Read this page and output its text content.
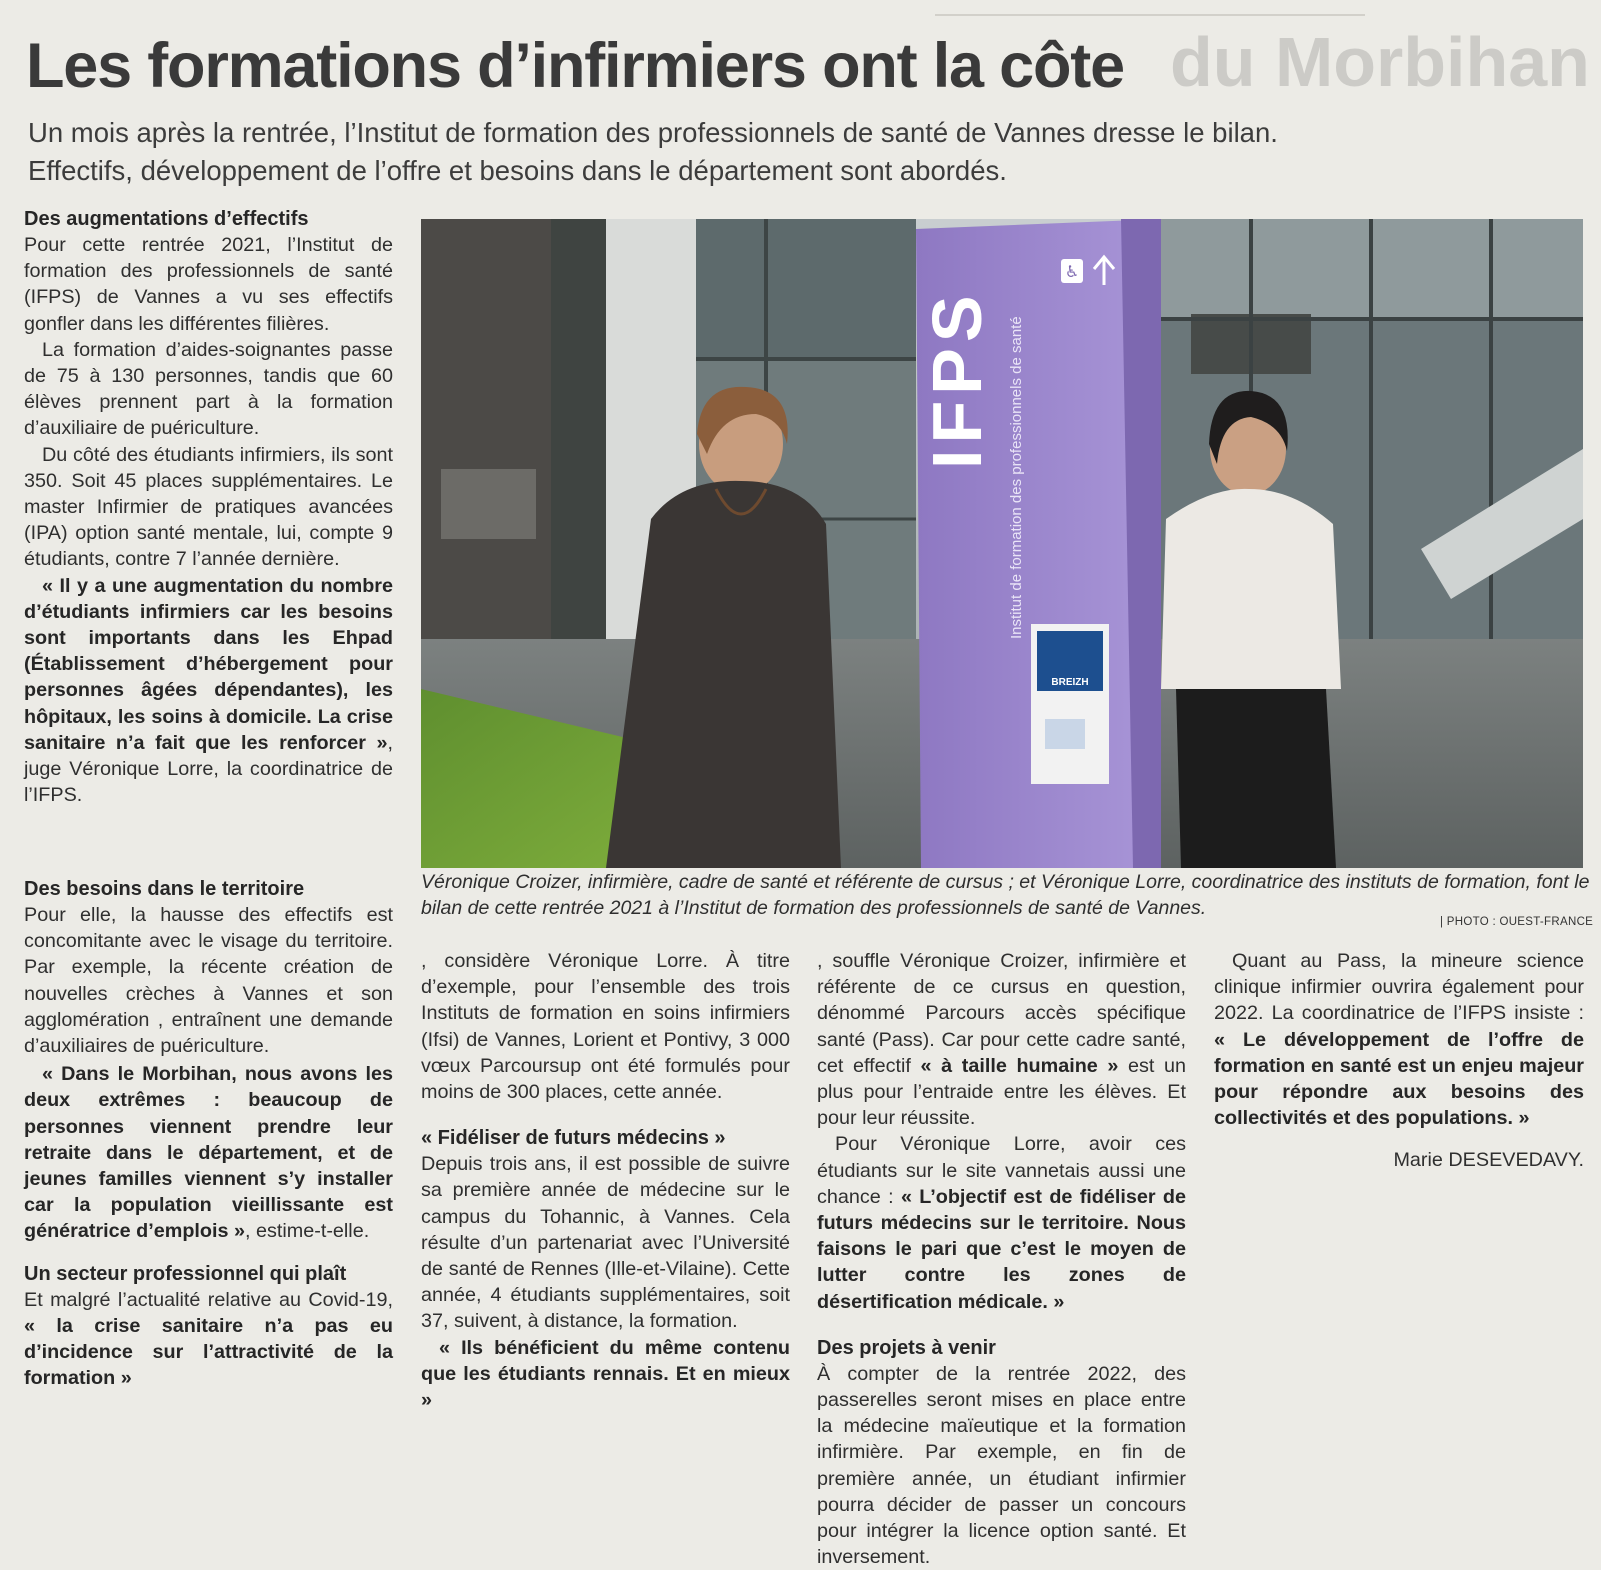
du Morbihan
Les formations d’infirmiers ont la côte

Un mois après la rentrée, l’Institut de formation des professionnels de santé de Vannes dresse le bilan. Effectifs, développement de l’offre et besoins dans le département sont abordés.

Des augmentations d’effectifs

Pour cette rentrée 2021, l’Institut de formation des professionnels de santé (IFPS) de Vannes a vu ses effectifs gonfler dans les différentes filières.

La formation d’aides-soignantes passe de 75 à 130 personnes, tandis que 60 élèves prennent part à la formation d’auxiliaire de puériculture.

Du côté des étudiants infirmiers, ils sont 350. Soit 45 places supplémentaires. Le master Infirmier de pratiques avancées (IPA) option santé mentale, lui, compte 9 étudiants, contre 7 l’année dernière.

« Il y a une augmentation du nombre d’étudiants infirmiers car les besoins sont importants dans les Ehpad (Établissement d’hébergement pour personnes âgées dépendantes), les hôpitaux, les soins à domicile. La crise sanitaire n’a fait que les renforcer », juge Véronique Lorre, la coordinatrice de l’IFPS.

Des besoins dans le territoire

Pour elle, la hausse des effectifs est concomitante avec le visage du territoire. Par exemple, la récente création de nouvelles crèches à Vannes et son agglomération , entraînent une demande d’auxiliaires de puériculture.

« Dans le Morbihan, nous avons les deux extrêmes : beaucoup de personnes viennent prendre leur retraite dans le département, et de jeunes familles viennent s’y installer car la population vieillissante est génératrice d’emplois », estime-t-elle.

Un secteur professionnel qui plaît

Et malgré l’actualité relative au Covid-19, « la crise sanitaire n’a pas eu d’incidence sur l’attractivité de la formation »

, considère Véronique Lorre. À titre d’exemple, pour l’ensemble des trois Instituts de formation en soins infirmiers (Ifsi) de Vannes, Lorient et Pontivy, 3 000 vœux Parcoursup ont été formulés pour moins de 300 places, cette année.

« Fidéliser de futurs médecins »

Depuis trois ans, il est possible de suivre sa première année de médecine sur le campus du Tohannic, à Vannes. Cela résulte d’un partenariat avec l’Université de santé de Rennes (Ille-et-Vilaine). Cette année, 4 étudiants supplémentaires, soit 37, suivent, à distance, la formation.

« Ils bénéficient du même contenu que les étudiants rennais. Et en mieux »

, souffle Véronique Croizer, infirmière et référente de ce cursus en question, dénommé Parcours accès spécifique santé (Pass). Car pour cette cadre santé, cet effectif « à taille humaine » est un plus pour l’entraide entre les élèves. Et pour leur réussite.

Pour Véronique Lorre, avoir ces étudiants sur le site vannetais aussi une chance : « L’objectif est de fidéliser de futurs médecins sur le territoire. Nous faisons le pari que c’est le moyen de lutter contre les zones de désertification médicale. »

Des projets à venir

À compter de la rentrée 2022, des passerelles seront mises en place entre la médecine maïeutique et la formation infirmière. Par exemple, en fin de première année, un étudiant infirmier pourra décider de passer un concours pour intégrer la licence option santé. Et inversement.

Quant au Pass, la mineure science clinique infirmier ouvrira également pour 2022. La coordinatrice de l’IFPS insiste : « Le développement de l’offre de formation en santé est un enjeu majeur pour répondre aux besoins des collectivités et des populations. »

Marie DESEVEDAVY.

IFPS Institut de formation des professionnels de santé
♿
BREIZH

Véronique Croizer, infirmière, cadre de santé et référente de cursus ; et Véronique Lorre, coordinatrice des instituts de formation, font le bilan de cette rentrée 2021 à l’Institut de formation des professionnels de santé de Vannes.

| PHOTO : OUEST-FRANCE
